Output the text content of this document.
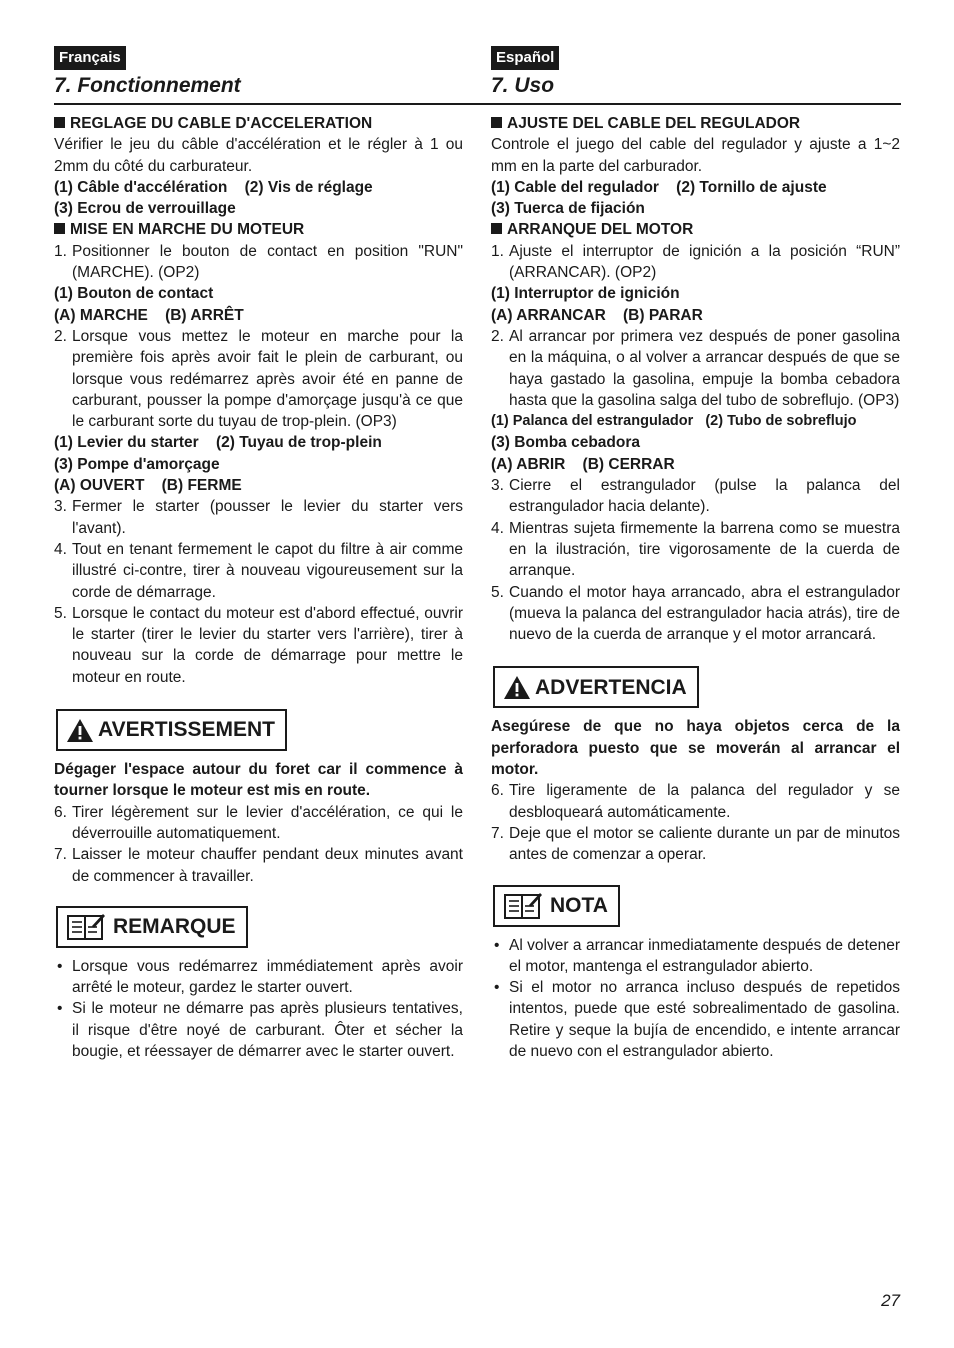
Français
7. Fonctionnement

REGLAGE DU CABLE D'ACCELERATION

Vérifier le jeu du câble d'accélération et le régler à 1 ou 2mm du côté du carburateur.

(1) Câble d'accélération    (2) Vis de réglage

(3) Ecrou de verrouillage

MISE EN MARCHE DU MOTEUR

1. Positionner le bouton de contact en position "RUN" (MARCHE). (OP2)

(1) Bouton de contact

(A) MARCHE    (B) ARRÊT

2. Lorsque vous mettez le moteur en marche pour la première fois après avoir fait le plein de carburant, ou lorsque vous redémarrez après avoir été en panne de carburant, pousser la pompe d'amorçage jusqu'à ce que le carburant sorte du tuyau de trop-plein. (OP3)

(1) Levier du starter    (2) Tuyau de trop-plein

(3) Pompe d'amorçage

(A) OUVERT    (B) FERME

3. Fermer le starter (pousser le levier du starter vers l'avant).

4. Tout en tenant fermement le capot du filtre à air comme illustré ci-contre, tirer à nouveau vigoureusement sur la corde de démarrage.

5. Lorsque le contact du moteur est d'abord effectué, ouvrir le starter (tirer le levier du starter vers l'arrière), tirer à nouveau sur la corde de démarrage pour mettre le moteur en route.

AVERTISSEMENT

Dégager l'espace autour du foret car il commence à tourner lorsque le moteur est mis en route.

6. Tirer légèrement sur le levier d'accélération, ce qui le déverrouille automatiquement.

7. Laisser le moteur chauffer pendant deux minutes avant de commencer à travailler.

REMARQUE

• Lorsque vous redémarrez immédiatement après avoir arrêté le moteur, gardez le starter ouvert.

• Si le moteur ne démarre pas après plusieurs tentatives, il risque d'être noyé de carburant. Ôter et sécher la bougie, et réessayer de démarrer avec le starter ouvert.

Español
7. Uso

AJUSTE DEL CABLE DEL REGULADOR

Controle el juego del cable del regulador y ajuste a 1~2 mm en la parte del carburador.

(1) Cable del regulador    (2) Tornillo de ajuste

(3) Tuerca de fijación

ARRANQUE DEL MOTOR

1. Ajuste el interruptor de ignición a la posición “RUN” (ARRANCAR). (OP2)

(1) Interruptor de ignición

(A) ARRANCAR    (B) PARAR

2. Al arrancar por primera vez después de poner gasolina en la máquina, o al volver a arrancar después de que se haya gastado la gasolina, empuje la bomba cebadora hasta que la gasolina salga del tubo de sobreflujo. (OP3)

(1) Palanca del estrangulador   (2) Tubo de sobreflujo

(3) Bomba cebadora

(A) ABRIR    (B) CERRAR

3. Cierre el estrangulador (pulse la palanca del estrangulador hacia delante).

4. Mientras sujeta firmemente la barrena como se muestra en la ilustración, tire vigorosamente de la cuerda de arranque.

5. Cuando el motor haya arrancado, abra el estrangulador (mueva la palanca del estrangulador hacia atrás), tire de nuevo de la cuerda de arranque y el motor arrancará.

ADVERTENCIA

Asegúrese de que no haya objetos cerca de la perforadora puesto que se moverán al arrancar el motor.

6. Tire ligeramente de la palanca del regulador y se desbloqueará automáticamente.

7. Deje que el motor se caliente durante un par de minutos antes de comenzar a operar.

NOTA

• Al volver a arrancar inmediatamente después de detener el motor, mantenga el estrangulador abierto.

• Si el motor no arranca incluso después de repetidos intentos, puede que esté sobrealimentado de gasolina. Retire y seque la bujía de encendido, e intente arrancar de nuevo con el estrangulador abierto.

27
